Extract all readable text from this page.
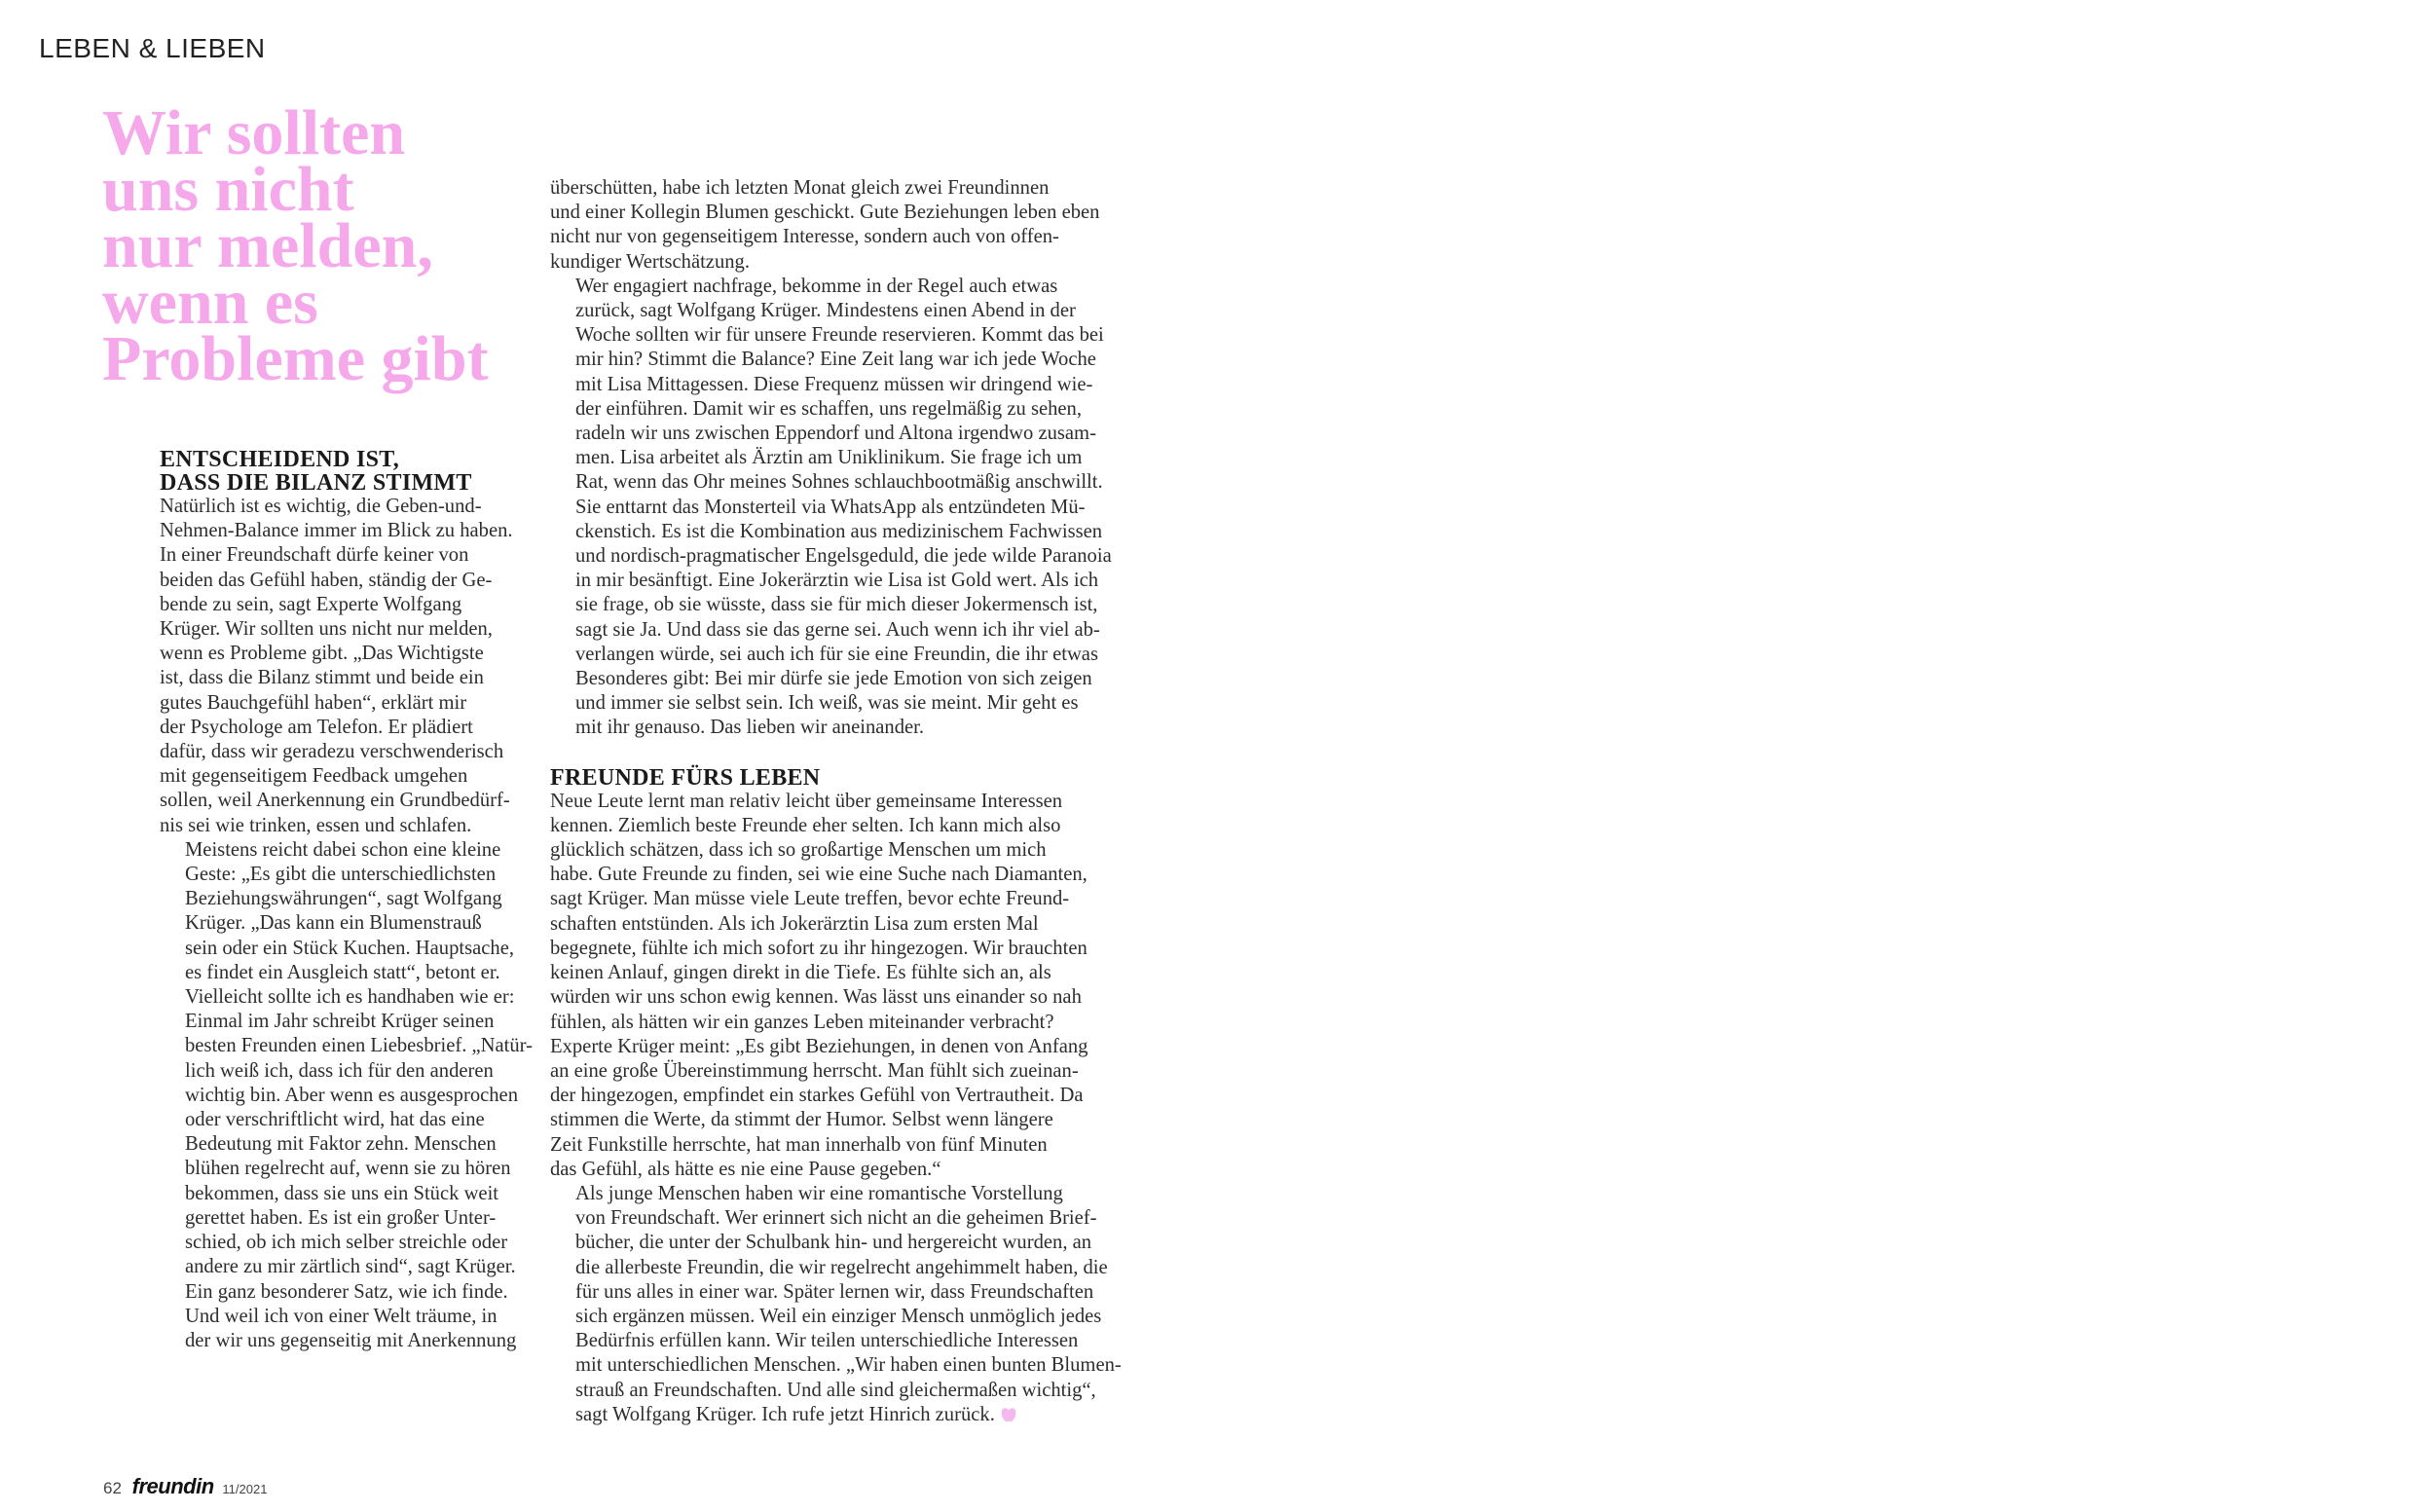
LEBEN & LIEBEN
Wir sollten
uns nicht
nur melden,
wenn es
Probleme gibt
ENTSCHEIDEND IST,
DASS DIE BILANZ STIMMT

Natürlich ist es wichtig, die Geben-und-
Nehmen-Balance immer im Blick zu haben.
In einer Freundschaft dürfe keiner von
beiden das Gefühl haben, ständig der Ge-
bende zu sein, sagt Experte Wolfgang
Krüger. Wir sollten uns nicht nur melden,
wenn es Probleme gibt. „Das Wichtigste
ist, dass die Bilanz stimmt und beide ein
gutes Bauchgefühl haben“, erklärt mir
der Psychologe am Telefon. Er plädiert
dafür, dass wir geradezu verschwenderisch
mit gegenseitigem Feedback umgehen
sollen, weil Anerkennung ein Grundbedürf-
nis sei wie trinken, essen und schlafen.

Meistens reicht dabei schon eine kleine
Geste: „Es gibt die unterschiedlichsten
Beziehungswährungen“, sagt Wolfgang
Krüger. „Das kann ein Blumenstrauß
sein oder ein Stück Kuchen. Hauptsache,
es findet ein Ausgleich statt“, betont er.
Vielleicht sollte ich es handhaben wie er:
Einmal im Jahr schreibt Krüger seinen
besten Freunden einen Liebesbrief. „Natür-
lich weiß ich, dass ich für den anderen
wichtig bin. Aber wenn es ausgesprochen
oder verschriftlicht wird, hat das eine
Bedeutung mit Faktor zehn. Menschen
blühen regelrecht auf, wenn sie zu hören
bekommen, dass sie uns ein Stück weit
gerettet haben. Es ist ein großer Unter-
schied, ob ich mich selber streichle oder
andere zu mir zärtlich sind“, sagt Krüger.
Ein ganz besonderer Satz, wie ich finde.
Und weil ich von einer Welt träume, in
der wir uns gegenseitig mit Anerkennung

überschütten, habe ich letzten Monat gleich zwei Freundinnen
und einer Kollegin Blumen geschickt. Gute Beziehungen leben eben
nicht nur von gegenseitigem Interesse, sondern auch von offen-
kundiger Wertschätzung.

Wer engagiert nachfrage, bekomme in der Regel auch etwas
zurück, sagt Wolfgang Krüger. Mindestens einen Abend in der
Woche sollten wir für unsere Freunde reservieren. Kommt das bei
mir hin? Stimmt die Balance? Eine Zeit lang war ich jede Woche
mit Lisa Mittagessen. Diese Frequenz müssen wir dringend wie-
der einführen. Damit wir es schaffen, uns regelmäßig zu sehen,
radeln wir uns zwischen Eppendorf und Altona irgendwo zusam-
men. Lisa arbeitet als Ärztin am Uniklinikum. Sie frage ich um
Rat, wenn das Ohr meines Sohnes schlauchbootmäßig anschwillt.
Sie enttarnt das Monsterteil via WhatsApp als entzündeten Mü-
ckenstich. Es ist die Kombination aus medizinischem Fachwissen
und nordisch-pragmatischer Engelsgeduld, die jede wilde Paranoia
in mir besänftigt. Eine Jokerärztin wie Lisa ist Gold wert. Als ich
sie frage, ob sie wüsste, dass sie für mich dieser Jokermensch ist,
sagt sie Ja. Und dass sie das gerne sei. Auch wenn ich ihr viel ab-
verlangen würde, sei auch ich für sie eine Freundin, die ihr etwas
Besonderes gibt: Bei mir dürfe sie jede Emotion von sich zeigen
und immer sie selbst sein. Ich weiß, was sie meint. Mir geht es
mit ihr genauso. Das lieben wir aneinander.

FREUNDE FÜRS LEBEN

Neue Leute lernt man relativ leicht über gemeinsame Interessen
kennen. Ziemlich beste Freunde eher selten. Ich kann mich also
glücklich schätzen, dass ich so großartige Menschen um mich
habe. Gute Freunde zu finden, sei wie eine Suche nach Diamanten,
sagt Krüger. Man müsse viele Leute treffen, bevor echte Freund-
schaften entstünden. Als ich Jokerärztin Lisa zum ersten Mal
begegnete, fühlte ich mich sofort zu ihr hingezogen. Wir brauchten
keinen Anlauf, gingen direkt in die Tiefe. Es fühlte sich an, als
würden wir uns schon ewig kennen. Was lässt uns einander so nah
fühlen, als hätten wir ein ganzes Leben miteinander verbracht?
Experte Krüger meint: „Es gibt Beziehungen, in denen von Anfang
an eine große Übereinstimmung herrscht. Man fühlt sich zueinan-
der hingezogen, empfindet ein starkes Gefühl von Vertrautheit. Da
stimmen die Werte, da stimmt der Humor. Selbst wenn längere
Zeit Funkstille herrschte, hat man innerhalb von fünf Minuten
das Gefühl, als hätte es nie eine Pause gegeben.“

Als junge Menschen haben wir eine romantische Vorstellung
von Freundschaft. Wer erinnert sich nicht an die geheimen Brief-
bücher, die unter der Schulbank hin- und hergereicht wurden, an
die allerbeste Freundin, die wir regelrecht angehimmelt haben, die
für uns alles in einer war. Später lernen wir, dass Freundschaften
sich ergänzen müssen. Weil ein einziger Mensch unmöglich jedes
Bedürfnis erfüllen kann. Wir teilen unterschiedliche Interessen
mit unterschiedlichen Menschen. „Wir haben einen bunten Blumen-
strauß an Freundschaften. Und alle sind gleichermaßen wichtig“,
sagt Wolfgang Krüger. Ich rufe jetzt Hinrich zurück.

62 freundin 11/2021
